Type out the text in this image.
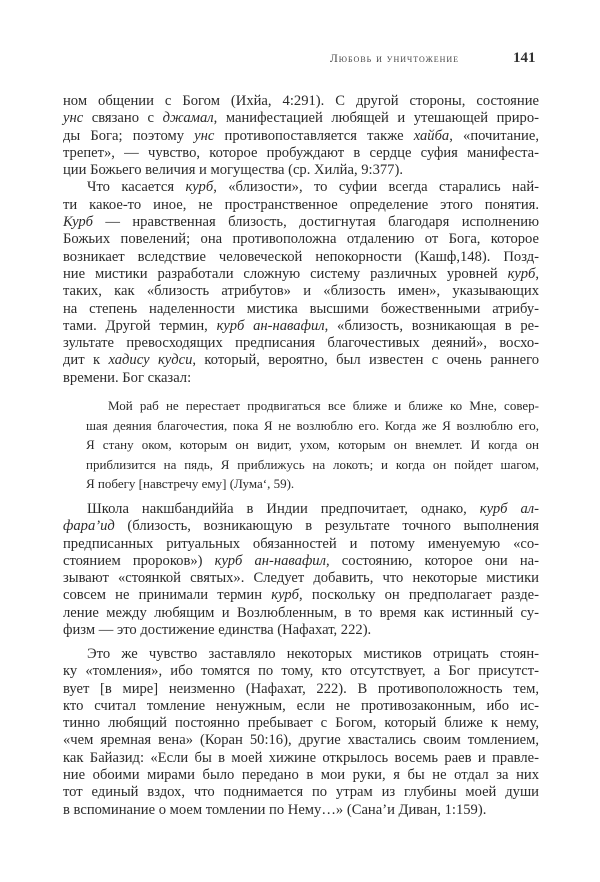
Любовь и уничтожение	141
ном общении с Богом (Ихйа, 4:291). С другой стороны, состояние
унс связано с джамал, манифестацией любящей и утешающей приро-
ды Бога; поэтому унс противопоставляется также хайба, «почитание,
трепет», — чувство, которое пробуждают в сердце суфия манифеста-
ции Божьего величия и могущества (ср. Хилйа, 9:377).
Что касается курб, «близости», то суфии всегда старались най-
ти какое-то иное, не пространственное определение этого понятия.
Курб — нравственная близость, достигнутая благодаря исполнению
Божьих повелений; она противоположна отдалению от Бога, которое
возникает вследствие человеческой непокорности (Кашф,148). Позд-
ние мистики разработали сложную систему различных уровней курб,
таких, как «близость атрибутов» и «близость имен», указывающих
на степень наделенности мистика высшими божественными атрибу-
тами. Другой термин, курб ан-навафил, «близость, возникающая в ре-
зультате превосходящих предписания благочестивых деяний», восхо-
дит к хадису кудси, который, вероятно, был известен с очень раннего
времени. Бог сказал:
Мой раб не перестает продвигаться все ближе и ближе ко Мне, совер-
шая деяния благочестия, пока Я не возлюблю его. Когда же Я возлюблю его,
Я стану оком, которым он видит, ухом, которым он внемлет. И когда он
приблизится на пядь, Я приближусь на локоть; и когда он пойдет шагом,
Я побегу [навстречу ему] (Лума‘, 59).
Школа накшбандиййа в Индии предпочитает, однако, курб ал-
фара’ид (близость, возникающую в результате точного выполнения
предписанных ритуальных обязанностей и потому именуемую «со-
стоянием пророков») курб ан-навафил, состоянию, которое они на-
зывают «стоянкой святых». Следует добавить, что некоторые мистики
совсем не принимали термин курб, поскольку он предполагает разде-
ление между любящим и Возлюбленным, в то время как истинный су-
физм — это достижение единства (Нафахат, 222).
Это же чувство заставляло некоторых мистиков отрицать стоян-
ку «томления», ибо томятся по тому, кто отсутствует, а Бог присутст-
вует [в мире] неизменно (Нафахат, 222). В противоположность тем,
кто считал томление ненужным, если не противозаконным, ибо ис-
тинно любящий постоянно пребывает с Богом, который ближе к нему,
«чем яремная вена» (Коран 50:16), другие хвастались своим томлением,
как Байазид: «Если бы в моей хижине открылось восемь раев и правле-
ние обоими мирами было передано в мои руки, я бы не отдал за них
тот единый вздох, что поднимается по утрам из глубины моей души
в вспоминание о моем томлении по Нему…» (Сана’и Диван, 1:159).
